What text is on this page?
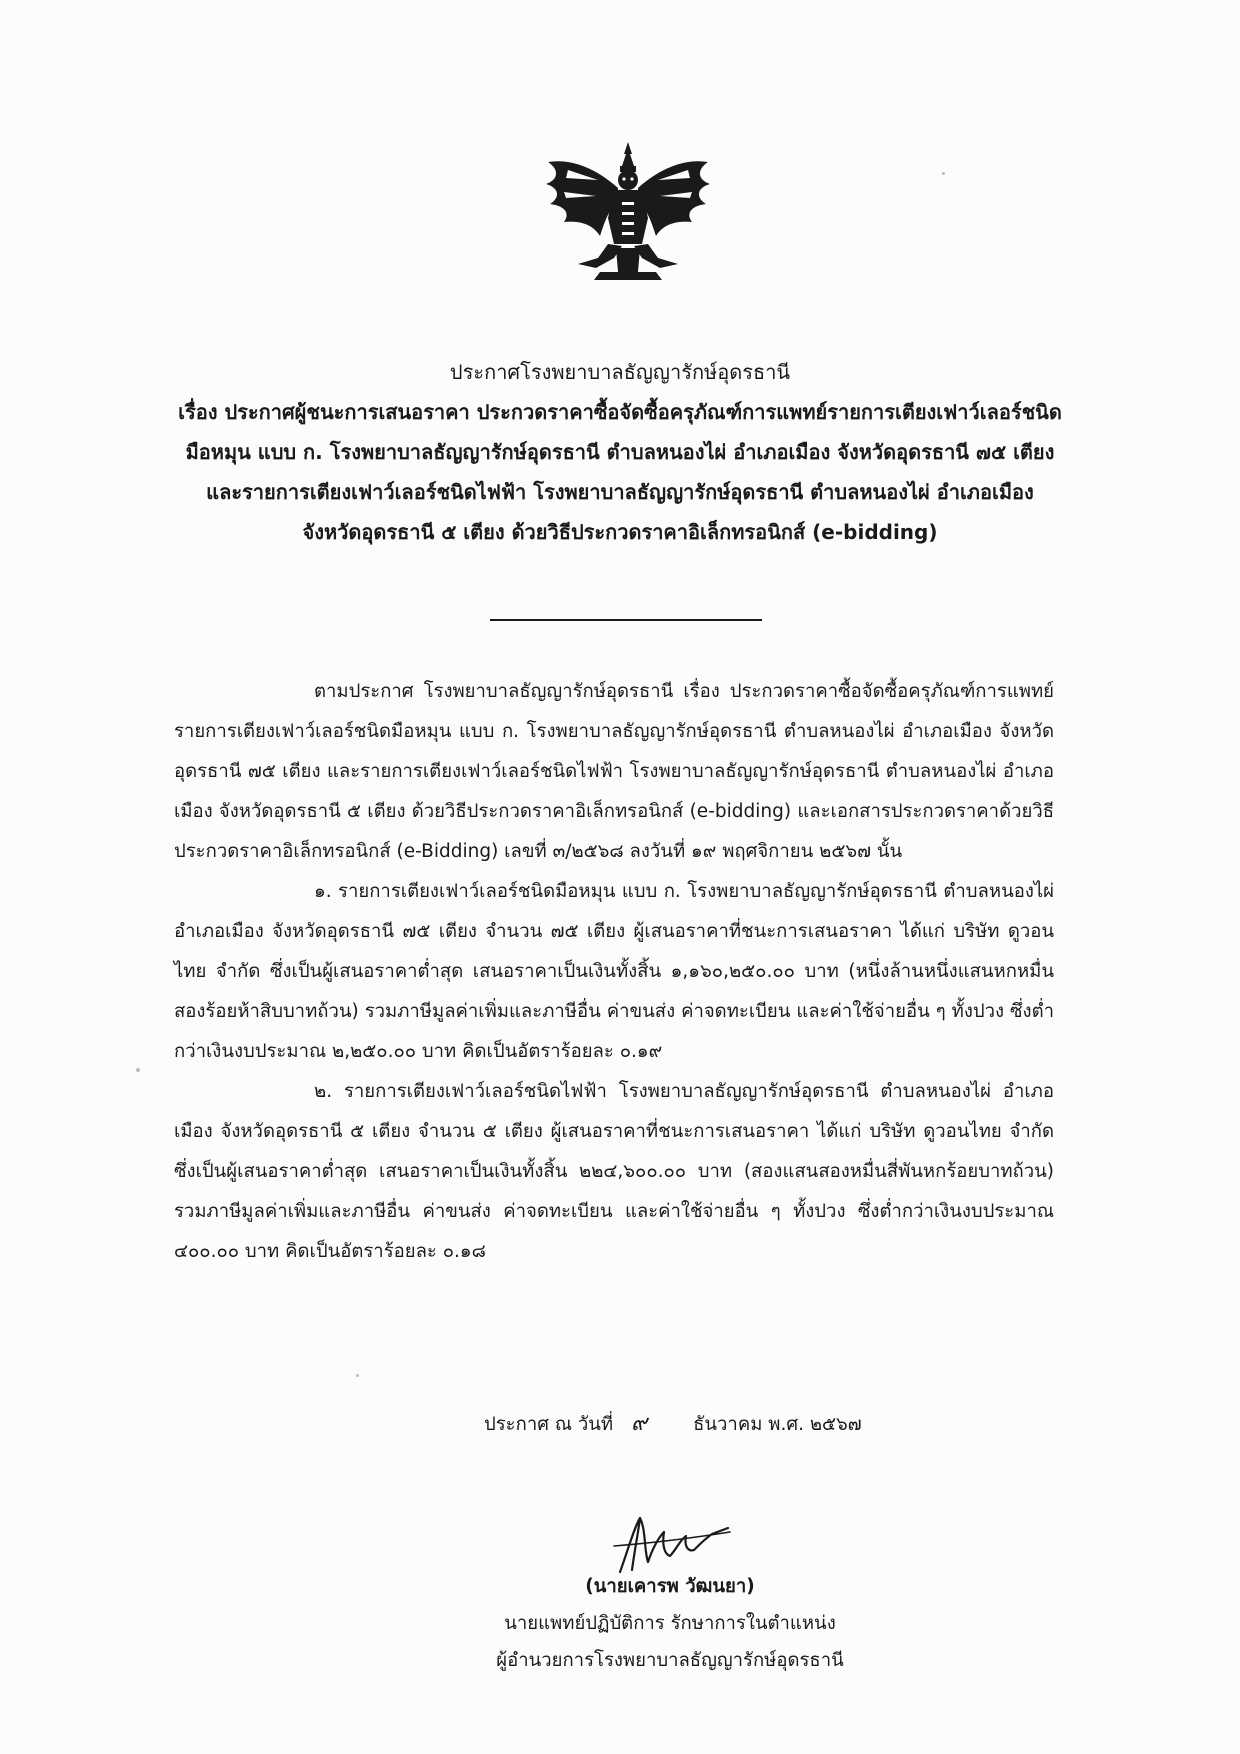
ประกาศโรงพยาบาลธัญญารักษ์อุดรธานี
เรื่อง ประกาศผู้ชนะการเสนอราคา ประกวดราคาซื้อจัดซื้อครุภัณฑ์การแพทย์รายการเตียงเฟาว์เลอร์ชนิด
มือหมุน แบบ ก. โรงพยาบาลธัญญารักษ์อุดรธานี ตำบลหนองไผ่ อำเภอเมือง จังหวัดอุดรธานี ๗๕ เตียง
และรายการเตียงเฟาว์เลอร์ชนิดไฟฟ้า โรงพยาบาลธัญญารักษ์อุดรธานี ตำบลหนองไผ่ อำเภอเมือง
จังหวัดอุดรธานี ๕ เตียง ด้วยวิธีประกวดราคาอิเล็กทรอนิกส์ (e-bidding)

ตามประกาศ โรงพยาบาลธัญญารักษ์อุดรธานี เรื่อง ประกวดราคาซื้อจัดซื้อครุภัณฑ์การแพทย์รายการเตียงเฟาว์เลอร์ชนิดมือหมุน แบบ ก. โรงพยาบาลธัญญารักษ์อุดรธานี ตำบลหนองไผ่ อำเภอเมือง จังหวัดอุดรธานี ๗๕ เตียง และรายการเตียงเฟาว์เลอร์ชนิดไฟฟ้า โรงพยาบาลธัญญารักษ์อุดรธานี ตำบลหนองไผ่ อำเภอเมือง จังหวัดอุดรธานี ๕ เตียง ด้วยวิธีประกวดราคาอิเล็กทรอนิกส์ (e-bidding) และเอกสารประกวดราคาด้วยวิธีประกวดราคาอิเล็กทรอนิกส์ (e-Bidding) เลขที่ ๓/๒๕๖๘ ลงวันที่ ๑๙ พฤศจิกายน ๒๕๖๗ นั้น

๑. รายการเตียงเฟาว์เลอร์ชนิดมือหมุน แบบ ก. โรงพยาบาลธัญญารักษ์อุดรธานี ตำบลหนองไผ่ อำเภอเมือง จังหวัดอุดรธานี ๗๕ เตียง จำนวน ๗๕ เตียง ผู้เสนอราคาที่ชนะการเสนอราคา ได้แก่ บริษัท ดูวอนไทย จำกัด ซึ่งเป็นผู้เสนอราคาต่ำสุด เสนอราคาเป็นเงินทั้งสิ้น ๑,๑๖๐,๒๕๐.๐๐ บาท (หนึ่งล้านหนึ่งแสนหกหมื่นสองร้อยห้าสิบบาทถ้วน) รวมภาษีมูลค่าเพิ่มและภาษีอื่น ค่าขนส่ง ค่าจดทะเบียน และค่าใช้จ่ายอื่น ๆ ทั้งปวง ซึ่งต่ำกว่าเงินงบประมาณ ๒,๒๕๐.๐๐ บาท คิดเป็นอัตราร้อยละ ๐.๑๙

๒. รายการเตียงเฟาว์เลอร์ชนิดไฟฟ้า โรงพยาบาลธัญญารักษ์อุดรธานี ตำบลหนองไผ่ อำเภอเมือง จังหวัดอุดรธานี ๕ เตียง จำนวน ๕ เตียง ผู้เสนอราคาที่ชนะการเสนอราคา ได้แก่ บริษัท ดูวอนไทย จำกัด ซึ่งเป็นผู้เสนอราคาต่ำสุด เสนอราคาเป็นเงินทั้งสิ้น ๒๒๔,๖๐๐.๐๐ บาท (สองแสนสองหมื่นสี่พันหกร้อยบาทถ้วน) รวมภาษีมูลค่าเพิ่มและภาษีอื่น ค่าขนส่ง ค่าจดทะเบียน และค่าใช้จ่ายอื่น ๆ ทั้งปวง ซึ่งต่ำกว่าเงินงบประมาณ ๔๐๐.๐๐ บาท คิดเป็นอัตราร้อยละ ๐.๑๘

ประกาศ ณ วันที่ ๙ ธันวาคม พ.ศ. ๒๕๖๗
(นายเคารพ วัฒนยา)
นายแพทย์ปฏิบัติการ รักษาการในตำแหน่ง
ผู้อำนวยการโรงพยาบาลธัญญารักษ์อุดรธานี
